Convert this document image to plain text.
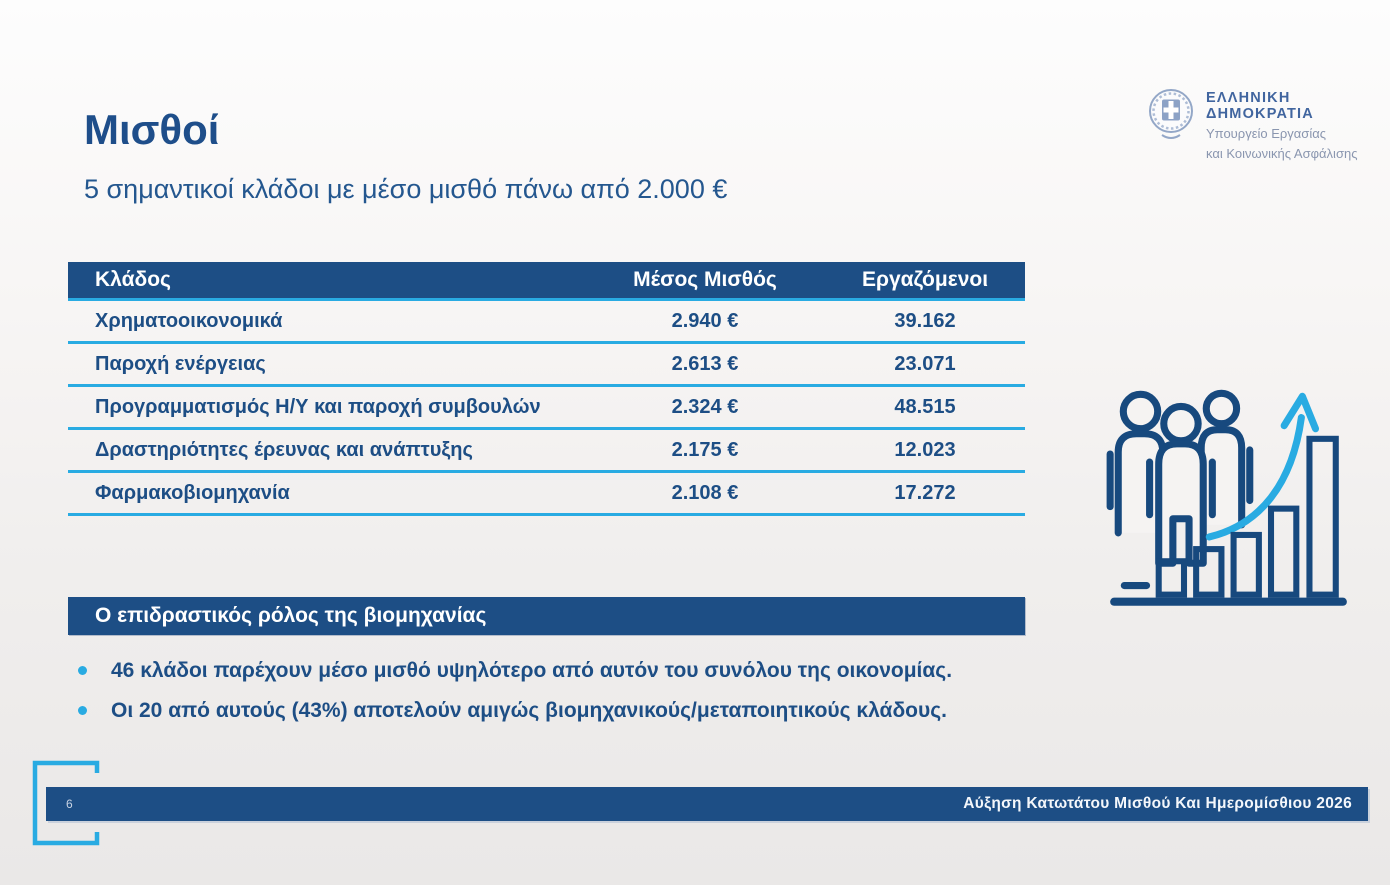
ΕΛΛΗΝΙΚΗ ΔΗΜΟΚΡΑΤΙΑ
Υπουργείο Εργασίας
και Κοινωνικής Ασφάλισης
Μισθοί
5 σημαντικοί κλάδοι με μέσο μισθό πάνω από 2.000 €
Κλάδος	Μέσος Μισθός	Εργαζόμενοι
Χρηματοοικονομικά	2.940 €	39.162
Παροχή ενέργειας	2.613 €	23.071
Προγραμματισμός Η/Υ και παροχή συμβουλών	2.324 €	48.515
Δραστηριότητες έρευνας και ανάπτυξης	2.175 €	12.023
Φαρμακοβιομηχανία	2.108 €	17.272
Ο επιδραστικός ρόλος της βιομηχανίας
46 κλάδοι παρέχουν μέσο μισθό υψηλότερο από αυτόν του συνόλου της οικονομίας.
Οι 20 από αυτούς (43%) αποτελούν αμιγώς βιομηχανικούς/μεταποιητικούς κλάδους.
6	Αύξηση Κατωτάτου Μισθού Και Ημερομίσθιου 2026
